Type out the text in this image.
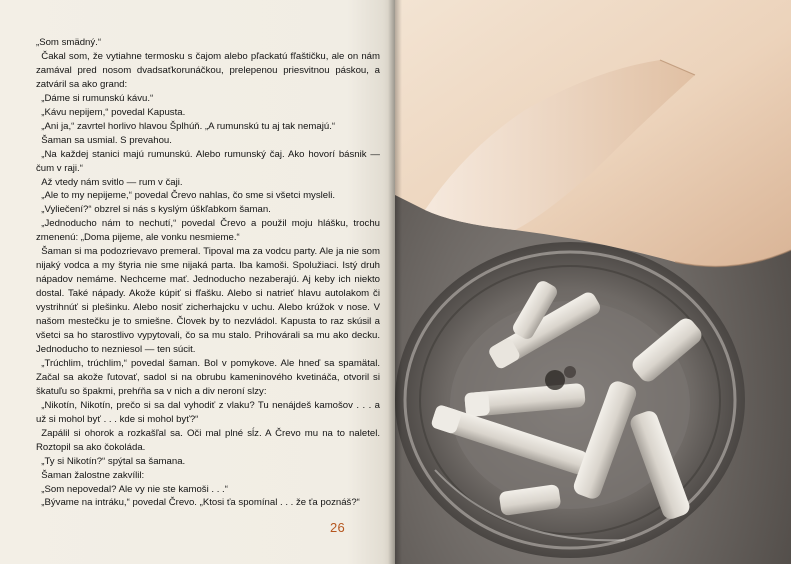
„Som smädný.“
Čakal som, že vytiahne termosku s čajom alebo pľackatú fľaštičku, ale on nám zamával pred nosom dvadsaťkorunáčkou, prelepenou priesvitnou páskou, a zatváril sa ako grand:
„Dáme si rumunskú kávu.“
„Kávu nepijem,“ povedal Kapusta.
„Ani ja,“ zavrtel horlivo hlavou Šplhúň. „A rumunskú tu aj tak nemajú.“
Šaman sa usmial. S prevahou.
„Na každej stanici majú rumunskú. Alebo rumunský čaj. Ako hovorí básnik — čum v raji.“
Až vtedy nám svitlo — rum v čaji.
„Ale to my nepijeme,“ povedal Črevo nahlas, čo sme si všetci mysleli.
„Vyliečení?“ obzrel si nás s kyslým úškľabkom šaman.
„Jednoducho nám to nechutí,“ povedal Črevo a použil moju hlášku, trochu zmenenú: „Doma pijeme, ale vonku nesmieme.“
Šaman si ma podozrievavo premeral. Tipoval ma za vodcu party. Ale ja nie som nijaký vodca a my štyria nie sme nijaká parta. Iba kamoši. Spolužiaci. Istý druh nápadov nemáme. Nechceme mať. Jednoducho nezaberajú. Aj keby ich niekto dostal. Také nápady. Akože kúpiť si fľašku. Alebo si natrieť hlavu autolakom či vystrihnúť si plešinku. Alebo nosiť zicherhajcku v uchu. Alebo krúžok v nose. V našom mestečku je to smiešne. Človek by to nezvládol. Kapusta to raz skúsil a všetci sa ho starostlivo vypytovali, čo sa mu stalo. Prihovárali sa mu ako decku. Jednoducho to nezniesol — ten súcit.
„Trúchlim, trúchlim,“ povedal šaman. Bol v pomykove. Ale hneď sa spamätal. Začal sa akože ľutovať, sadol si na obrubu kameninového kvetináča, otvoril si škatuľu so špakmi, prehŕňa sa v nich a div neroní slzy:
„Nikotín, Nikotín, prečo si sa dal vyhodiť z vlaku? Tu nenájdeš kamošov . . . a už si mohol byť . . . kde si mohol byť?“
Zapálil si ohorok a rozkašľal sa. Oči mal plné sĺz. A Črevo mu na to naletel. Roztopil sa ako čokoláda.
„Ty si Nikotín?“ spýtal sa šamana.
Šaman žalostne zakvílil:
„Som nepovedal? Ale vy nie ste kamoši . . .“
„Bývame na intráku,“ povedal Črevo. „Ktosi ťa spomínal . . . že ťa poznáš?“
26
